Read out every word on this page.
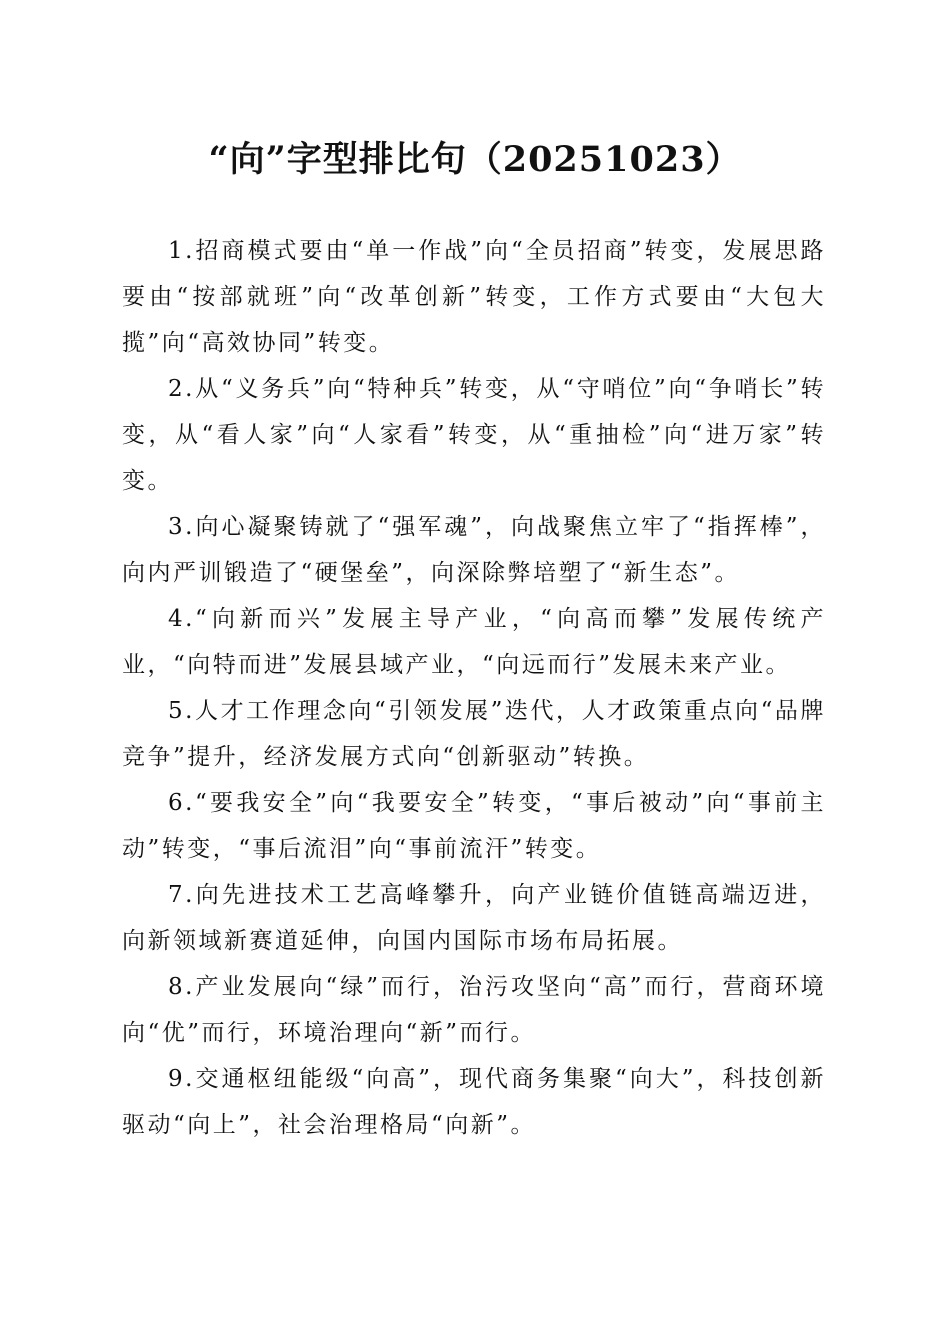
“向”字型排比句（20251023）

1.招商模式要由“单一作战”向“全员招商”转变，发展思路要由“按部就班”向“改革创新”转变，工作方式要由“大包大揽”向“高效协同”转变。

2.从“义务兵”向“特种兵”转变，从“守哨位”向“争哨长”转变，从“看人家”向“人家看”转变，从“重抽检”向“进万家”转变。

3.向心凝聚铸就了“强军魂”，向战聚焦立牢了“指挥棒”，向内严训锻造了“硬堡垒”，向深除弊培塑了“新生态”。

4.“向新而兴”发展主导产业，“向高而攀”发展传统产业，“向特而进”发展县域产业，“向远而行”发展未来产业。

5.人才工作理念向“引领发展”迭代，人才政策重点向“品牌竞争”提升，经济发展方式向“创新驱动”转换。

6.“要我安全”向“我要安全”转变，“事后被动”向“事前主动”转变，“事后流泪”向“事前流汗”转变。

7.向先进技术工艺高峰攀升，向产业链价值链高端迈进，向新领域新赛道延伸，向国内国际市场布局拓展。

8.产业发展向“绿”而行，治污攻坚向“高”而行，营商环境向“优”而行，环境治理向“新”而行。

9.交通枢纽能级“向高”，现代商务集聚“向大”，科技创新驱动“向上”，社会治理格局“向新”。
